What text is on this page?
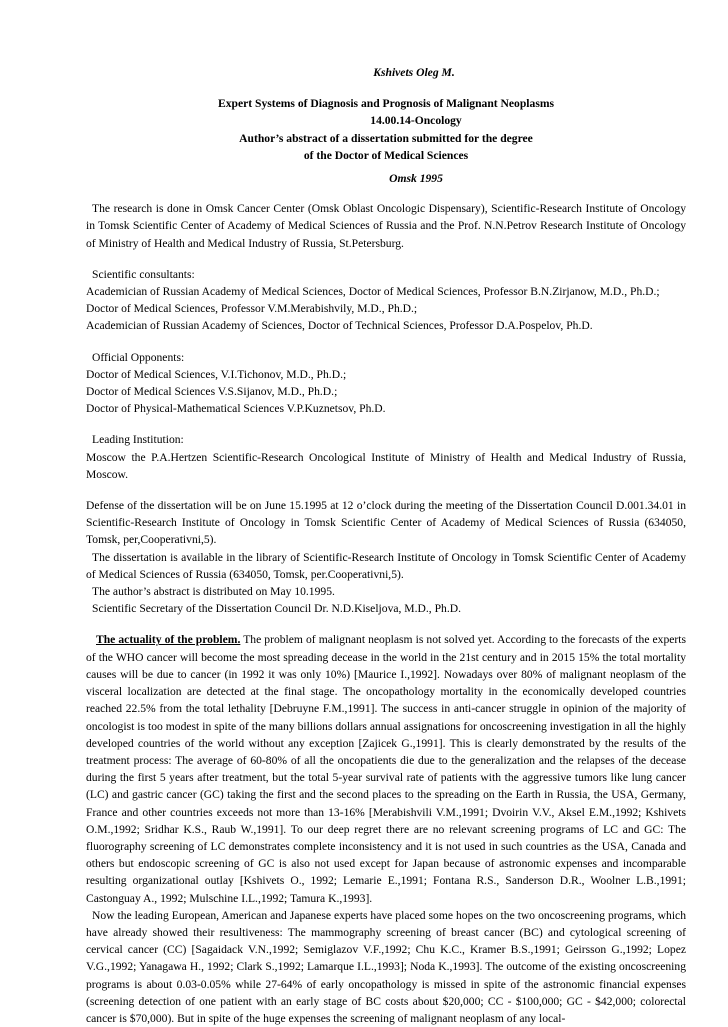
Kshivets Oleg M.
Expert Systems of Diagnosis and Prognosis of Malignant Neoplasms
14.00.14-Oncology
Author’s abstract of a dissertation submitted for the degree
of the Doctor of Medical Sciences
Omsk 1995
The research is done in Omsk Cancer Center (Omsk Oblast Oncologic Dispensary), Scientific-Research Institute of Oncology in Tomsk Scientific Center of Academy of Medical Sciences of Russia and the Prof. N.N.Petrov Research Institute of Oncology of Ministry of Health and Medical Industry of Russia, St.Petersburg.
Scientific consultants:
Academician of Russian Academy of Medical Sciences, Doctor of Medical Sciences, Professor B.N.Zirjanow, M.D., Ph.D.;
Doctor of Medical Sciences, Professor V.M.Merabishvily, M.D., Ph.D.;
Academician of Russian Academy of Sciences, Doctor of Technical Sciences, Professor D.A.Pospelov, Ph.D.
Official Opponents:
Doctor of Medical Sciences, V.I.Tichonov, M.D., Ph.D.;
Doctor of Medical Sciences V.S.Sijanov, M.D., Ph.D.;
Doctor of Physical-Mathematical Sciences V.P.Kuznetsov, Ph.D.
Leading Institution:
Moscow the P.A.Hertzen Scientific-Research Oncological Institute of Ministry of Health and Medical Industry of Russia, Moscow.
Defense of the dissertation will be on June 15.1995 at 12 o’clock during the meeting of the Dissertation Council D.001.34.01 in Scientific-Research Institute of Oncology in Tomsk Scientific Center of Academy of Medical Sciences of Russia (634050, Tomsk, per,Cooperativni,5).
The dissertation is available in the library of Scientific-Research Institute of Oncology in Tomsk Scientific Center of Academy of Medical Sciences of Russia (634050, Tomsk, per.Cooperativni,5).
The author’s abstract is distributed on May 10.1995.
Scientific Secretary of the Dissertation Council Dr. N.D.Kiseljova, M.D., Ph.D.
The actuality of the problem. The problem of malignant neoplasm is not solved yet. According to the forecasts of the experts of the WHO cancer will become the most spreading decease in the world in the 21st century and in 2015 15% the total mortality causes will be due to cancer (in 1992 it was only 10%) [Maurice I.,1992]. Nowadays over 80% of malignant neoplasm of the visceral localization are detected at the final stage. The oncopathology mortality in the economically developed countries reached 22.5% from the total lethality [Debruyne F.M.,1991]. The success in anti-cancer struggle in opinion of the majority of oncologist is too modest in spite of the many billions dollars annual assignations for oncoscreening investigation in all the highly developed countries of the world without any exception [Zajicek G.,1991]. This is clearly demonstrated by the results of the treatment process: The average of 60-80% of all the oncopatients die due to the generalization and the relapses of the decease during the first 5 years after treatment, but the total 5-year survival rate of patients with the aggressive tumors like lung cancer (LC) and gastric cancer (GC) taking the first and the second places to the spreading on the Earth in Russia, the USA, Germany, France and other countries exceeds not more than 13-16% [Merabishvili V.M.,1991; Dvoirin V.V., Aksel E.M.,1992; Kshivets O.M.,1992; Sridhar K.S., Raub W.,1991]. To our deep regret there are no relevant screening programs of LC and GC: The fluorography screening of LC demonstrates complete inconsistency and it is not used in such countries as the USA, Canada and others but endoscopic screening of GC is also not used except for Japan because of astronomic expenses and incomparable resulting organizational outlay [Kshivets O., 1992; Lemarie E.,1991; Fontana R.S., Sanderson D.R., Woolner L.B.,1991; Castonguay A., 1992; Mulschine I.L.,1992; Tamura K.,1993].
Now the leading European, American and Japanese experts have placed some hopes on the two oncoscreening programs, which have already showed their resultiveness: The mammography screening of breast cancer (BC) and cytological screening of cervical cancer (CC) [Sagaidack V.N.,1992; Semiglazov V.F.,1992; Chu K.C., Kramer B.S.,1991; Geirsson G.,1992; Lopez V.G.,1992; Yanagawa H., 1992; Clark S.,1992; Lamarque I.L.,1993]; Noda K.,1993]. The outcome of the existing oncoscreening programs is about 0.03-0.05% while 27-64% of early oncopathology is missed in spite of the astronomic financial expenses (screening detection of one patient with an early stage of BC costs about $20,000; CC - $100,000; GC - $42,000; colorectal cancer is $70,000). But in spite of the huge expenses the screening of malignant neoplasm of any local-
